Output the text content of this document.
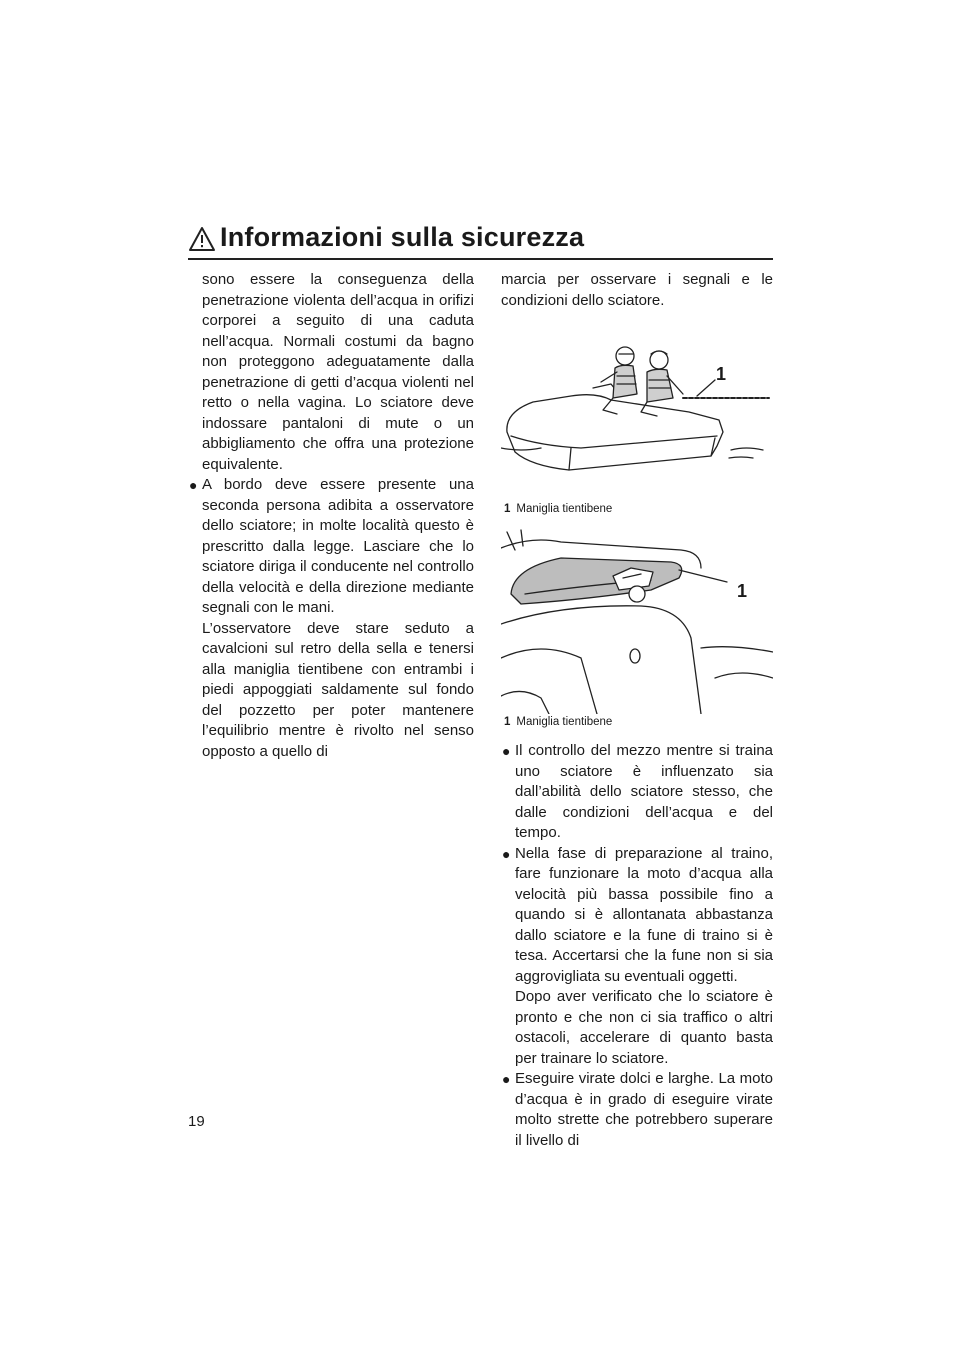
Informazioni sulla sicurezza

sono essere la conseguenza della penetrazione violenta dell’acqua in orifizi corporei a seguito di una caduta nell’acqua. Normali costumi da bagno non proteggono adeguatamente dalla penetrazione di getti d’acqua violenti nel retto o nella vagina. Lo sciatore deve indossare pantaloni di mute o un abbigliamento che offra una protezione equivalente.

● A bordo deve essere presente una seconda persona adibita a osservatore dello sciatore; in molte località questo è prescritto dalla legge. Lasciare che lo sciatore diriga il conducente nel controllo della velocità e della direzione mediante segnali con le mani.

L’osservatore deve stare seduto a cavalcioni sul retro della sella e tenersi alla maniglia tientibene con entrambi i piedi appoggiati saldamente sul fondo del pozzetto per poter mantenere l’equilibrio mentre è rivolto nel senso opposto a quello di

marcia per osservare i segnali e le condizioni dello sciatore.

1
1 Maniglia tientibene
1
1 Maniglia tientibene
● Il controllo del mezzo mentre si traina uno sciatore è influenzato sia dall’abilità dello sciatore stesso, che dalle condizioni dell’acqua e del tempo.
● Nella fase di preparazione al traino, fare funzionare la moto d’acqua alla velocità più bassa possibile fino a quando si è allontanata abbastanza dallo sciatore e la fune di traino si è tesa. Accertarsi che la fune non si sia aggrovigliata su eventuali oggetti.

Dopo aver verificato che lo sciatore è pronto e che non ci sia traffico o altri ostacoli, accelerare di quanto basta per trainare lo sciatore.

● Eseguire virate dolci e larghe. La moto d’acqua è in grado di eseguire virate molto strette che potrebbero superare il livello di
19
